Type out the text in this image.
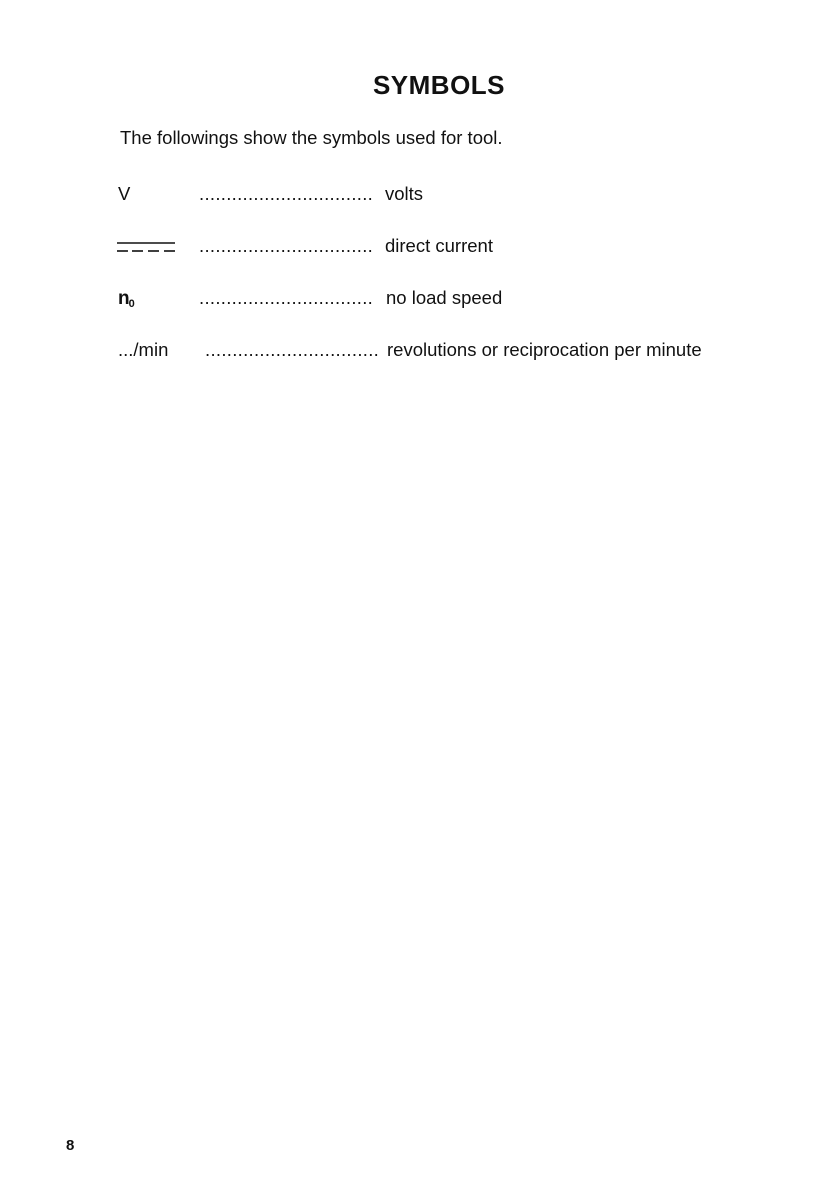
SYMBOLS
The followings show the symbols used for tool.
V	................................ volts
................................ direct current
n0	................................ no load speed
.../min ................................ revolutions or reciprocation per minute
8
